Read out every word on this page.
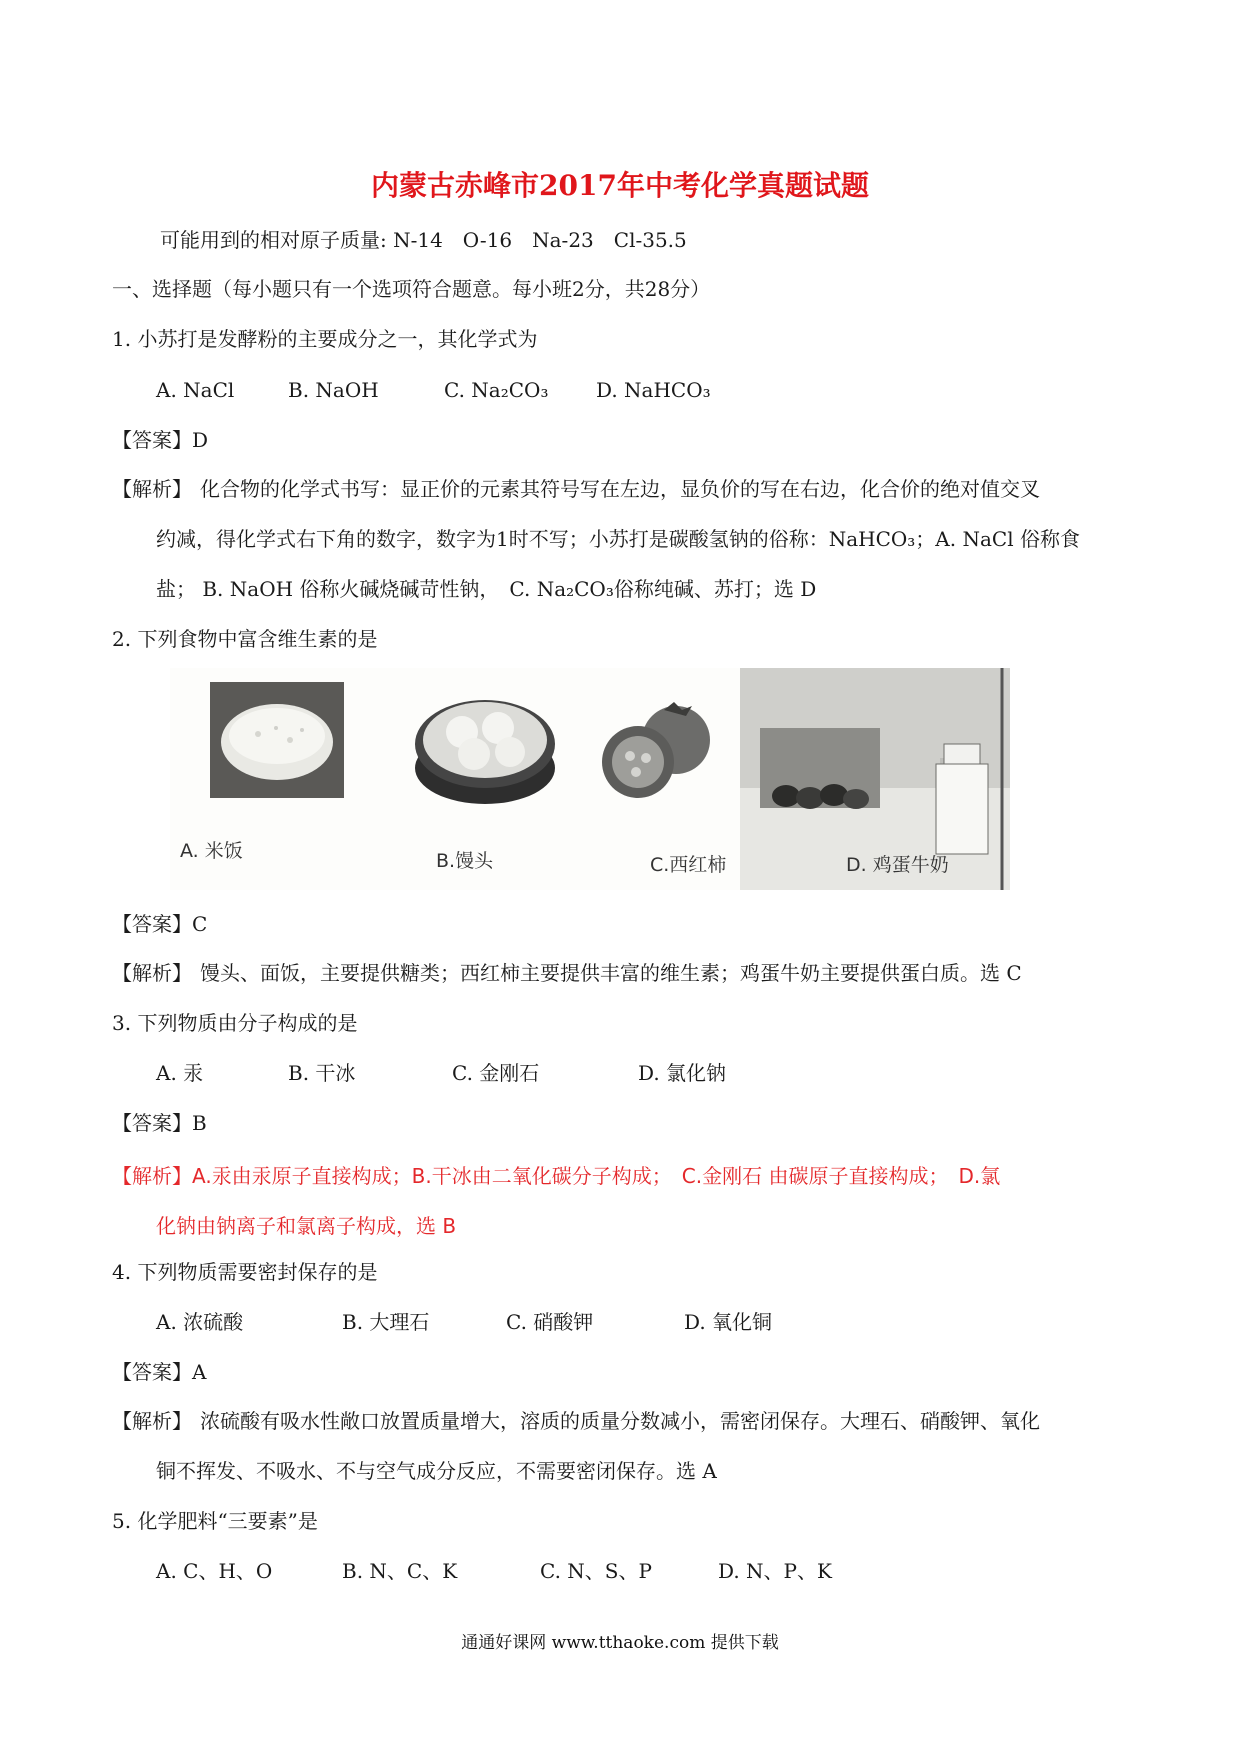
内蒙古赤峰市2017年中考化学真题试题
可能用到的相对原子质量: N-14　O-16　Na-23　Cl-35.5
一、选择题（每小题只有一个选项符合题意。每小班2分，共28分）
1. 小苏打是发酵粉的主要成分之一，其化学式为
A. NaCl	B. NaOH	C. Na₂CO₃ D. NaHCO₃
【答案】D
【解析】 化合物的化学式书写：显正价的元素其符号写在左边，显负价的写在右边，化合价的绝对值交叉
约减，得化学式右下角的数字，数字为1时不写；小苏打是碳酸氢钠的俗称：NaHCO₃；A. NaCl 俗称食
盐； B. NaOH 俗称火碱烧碱苛性钠，　C. Na₂CO₃俗称纯碱、苏打；选 D
2. 下列食物中富含维生素的是
A. 米饭	B.馒头	C.西红柿	D. 鸡蛋牛奶
【答案】C
【解析】 馒头、面饭，主要提供糖类；西红柿主要提供丰富的维生素；鸡蛋牛奶主要提供蛋白质。选 C
3. 下列物质由分子构成的是
A. 汞	B. 干冰	C. 金刚石	D. 氯化钠
【答案】B
【解析】 A.汞由汞原子直接构成；B.干冰由二氧化碳分子构成；　C.金刚石 由碳原子直接构成；　D.氯
化钠由钠离子和氯离子构成，选 B
4. 下列物质需要密封保存的是
A. 浓硫酸	B. 大理石	C. 硝酸钾	D. 氧化铜
【答案】A
【解析】 浓硫酸有吸水性敞口放置质量增大，溶质的质量分数减小，需密闭保存。大理石、硝酸钾、氧化
铜不挥发、不吸水、不与空气成分反应，不需要密闭保存。选 A
5. 化学肥料“三要素”是
A. C、H、O	B. N、C、K	C. N、S、P	D. N、P、K
通通好课网 www.tthaoke.com 提供下载
